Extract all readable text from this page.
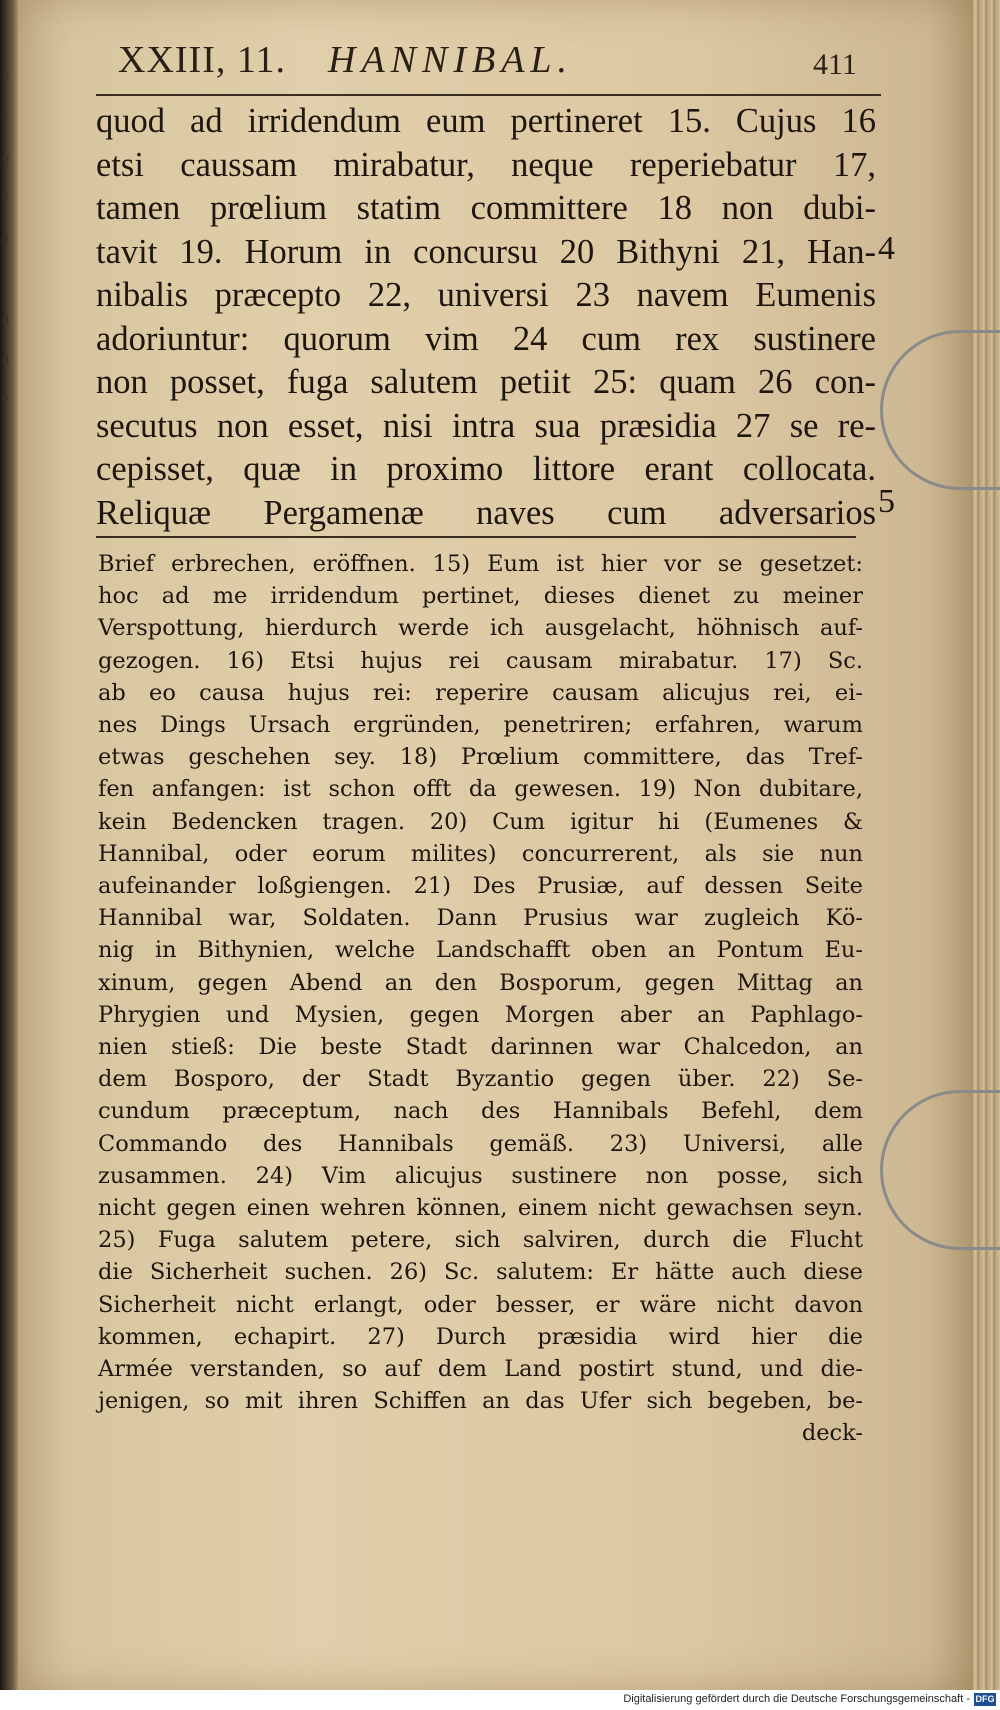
y
s
o
c
a
r
u
n
e
XXIII, 11. HANNIBAL.	411
quod ad irridendum eum pertineret 15. Cujus 16
etsi caussam mirabatur, neque reperiebatur 17,
tamen prœlium statim committere 18 non dubi-
tavit 19. Horum in concursu 20 Bithyni 21, Han-
nibalis præcepto 22, universi 23 navem Eumenis
adoriuntur: quorum vim 24 cum rex sustinere
non posset, fuga salutem petiit 25: quam 26 con-
secutus non esset, nisi intra sua præsidia 27 se re-
cepisset, quæ in proximo littore erant collocata.
Reliquæ Pergamenæ naves cum adversarios
4
5
Brief erbrechen, eröffnen. 15) Eum ist hier vor se gesetzet:
hoc ad me irridendum pertinet, dieses dienet zu meiner
Verspottung, hierdurch werde ich ausgelacht, höhnisch auf-
gezogen. 16) Etsi hujus rei causam mirabatur. 17) Sc.
ab eo causa hujus rei: reperire causam alicujus rei, ei-
nes Dings Ursach ergründen, penetriren; erfahren, warum
etwas geschehen sey. 18) Prœlium committere, das Tref-
fen anfangen: ist schon offt da gewesen. 19) Non dubitare,
kein Bedencken tragen. 20) Cum igitur hi (Eumenes &
Hannibal, oder eorum milites) concurrerent, als sie nun
aufeinander loßgiengen. 21) Des Prusiæ, auf dessen Seite
Hannibal war, Soldaten. Dann Prusius war zugleich Kö-
nig in Bithynien, welche Landschafft oben an Pontum Eu-
xinum, gegen Abend an den Bosporum, gegen Mittag an
Phrygien und Mysien, gegen Morgen aber an Paphlago-
nien stieß: Die beste Stadt darinnen war Chalcedon, an
dem Bosporo, der Stadt Byzantio gegen über. 22) Se-
cundum præceptum, nach des Hannibals Befehl, dem
Commando des Hannibals gemäß. 23) Universi, alle
zusammen. 24) Vim alicujus sustinere non posse, sich
nicht gegen einen wehren können, einem nicht gewachsen seyn.
25) Fuga salutem petere, sich salviren, durch die Flucht
die Sicherheit suchen. 26) Sc. salutem: Er hätte auch diese
Sicherheit nicht erlangt, oder besser, er wäre nicht davon
kommen, echapirt. 27) Durch præsidia wird hier die
Armée verstanden, so auf dem Land postirt stund, und die-
jenigen, so mit ihren Schiffen an das Ufer sich begeben, be-
deck-
Digitalisierung gefördert durch die Deutsche Forschungsgemeinschaft - DFG
